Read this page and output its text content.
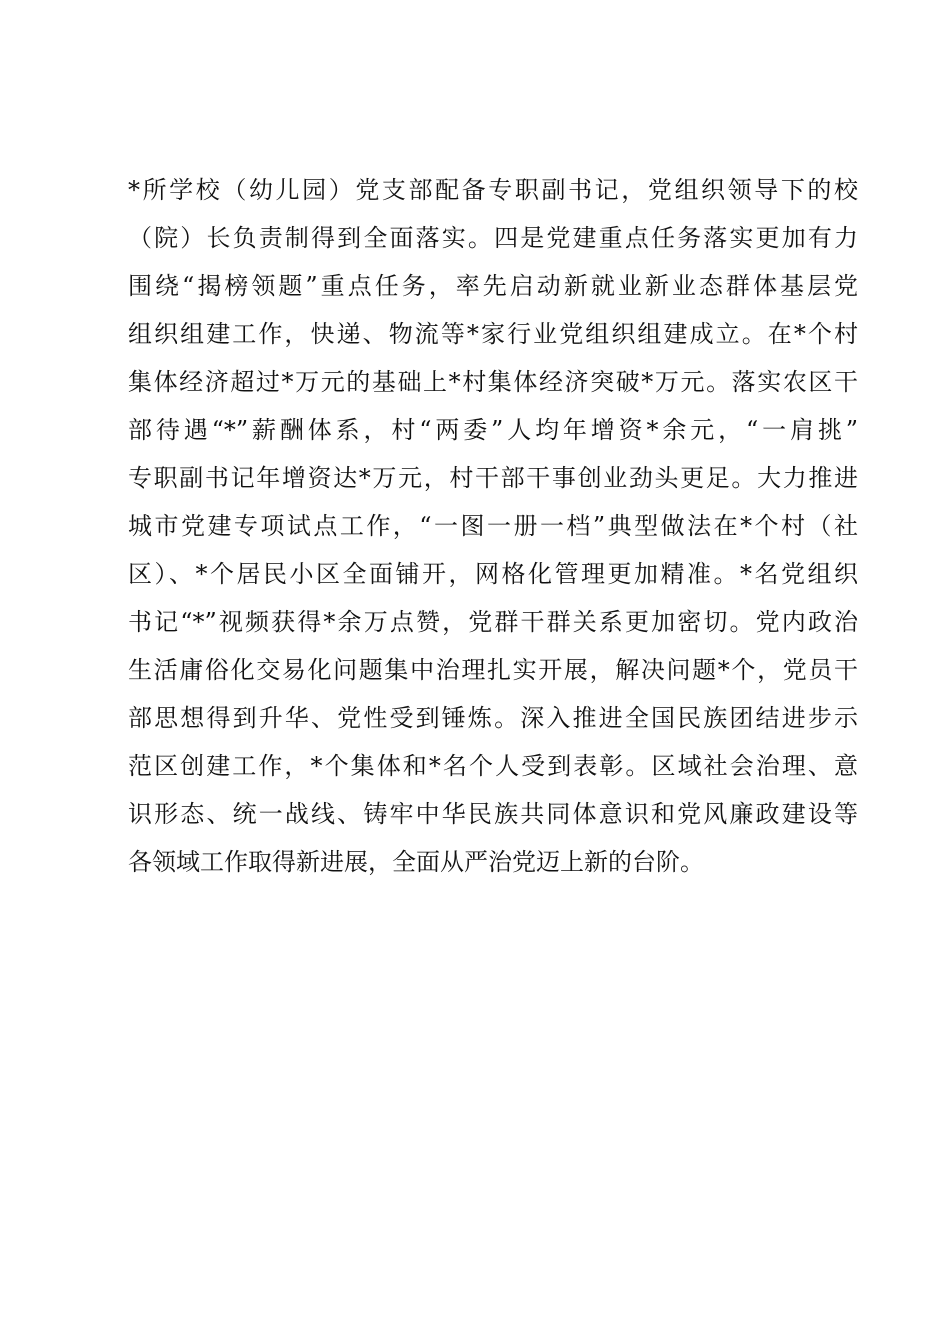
*所学校（幼儿园）党支部配备专职副书记，党组织领导下的校
（院）长负责制得到全面落实。四是党建重点任务落实更加有力
围绕“揭榜领题”重点任务，率先启动新就业新业态群体基层党
组织组建工作，快递、物流等*家行业党组织组建成立。在*个村
集体经济超过*万元的基础上*村集体经济突破*万元。落实农区干
部待遇“*”薪酬体系，村“两委”人均年增资*余元，“一肩挑”
专职副书记年增资达*万元，村干部干事创业劲头更足。大力推进
城市党建专项试点工作，“一图一册一档”典型做法在*个村（社
区）、*个居民小区全面铺开，网格化管理更加精准。*名党组织
书记“*”视频获得*余万点赞，党群干群关系更加密切。党内政治
生活庸俗化交易化问题集中治理扎实开展，解决问题*个，党员干
部思想得到升华、党性受到锤炼。深入推进全国民族团结进步示
范区创建工作，*个集体和*名个人受到表彰。区域社会治理、意
识形态、统一战线、铸牢中华民族共同体意识和党风廉政建设等
各领域工作取得新进展，全面从严治党迈上新的台阶。
